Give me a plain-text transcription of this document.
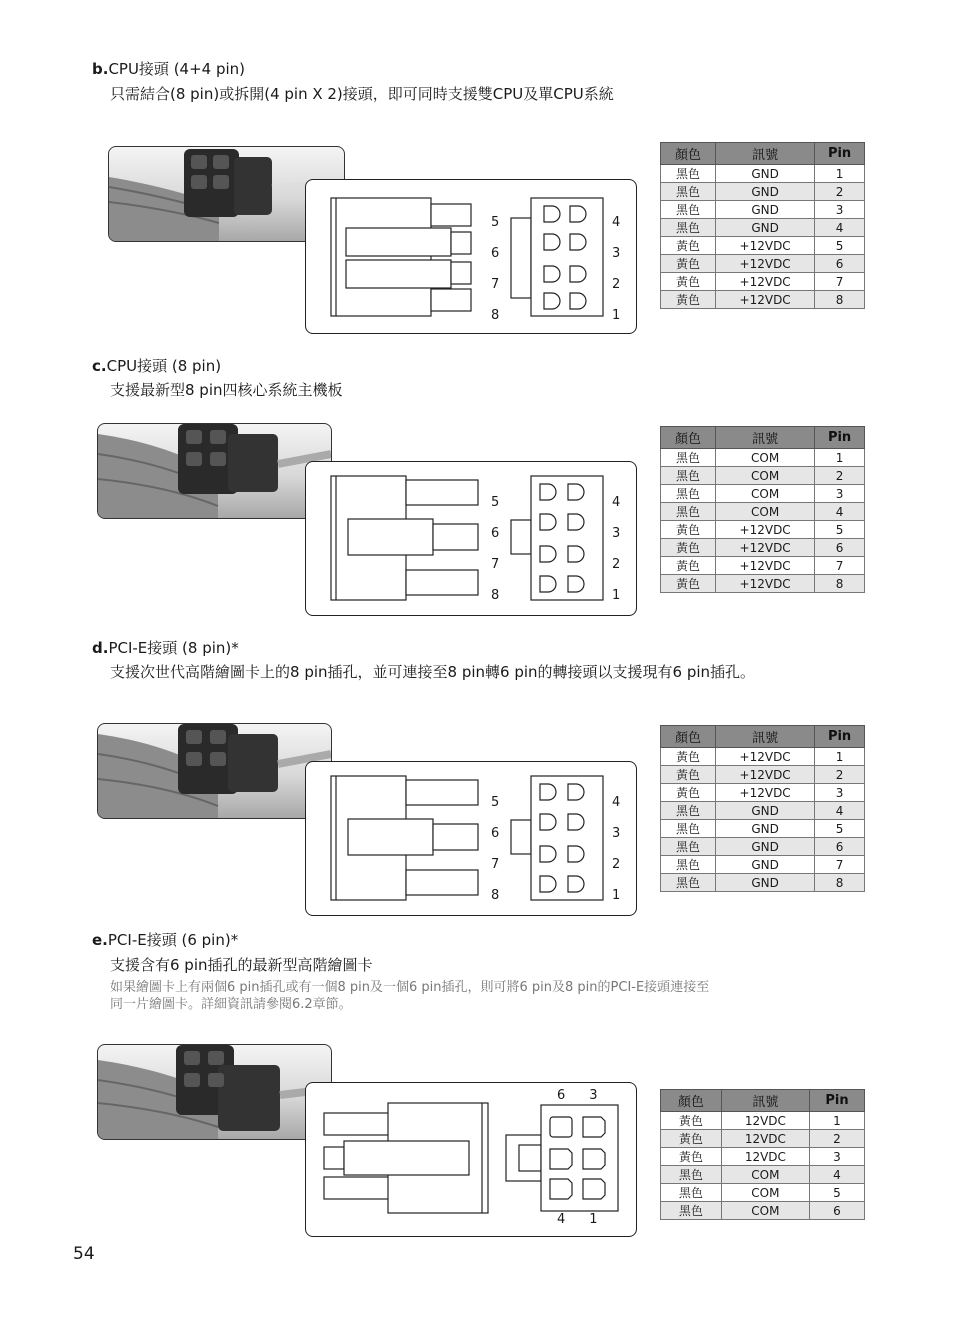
b.CPU接頭 (4+4 pin)
只需結合(8 pin)或拆開(4 pin X 2)接頭，即可同時支援雙CPU及單CPU系統
5
6
7
8
4
3
2
1
顏色	訊號	Pin
黑色	GND	1
黑色	GND	2
黑色	GND	3
黑色	GND	4
黃色	+12VDC	5
黃色	+12VDC	6
黃色	+12VDC	7
黃色	+12VDC	8
c.CPU接頭 (8 pin)
支援最新型8 pin四核心系統主機板
5
6
7
8
4
3
2
1
顏色	訊號	Pin
黑色	COM	1
黑色	COM	2
黑色	COM	3
黑色	COM	4
黃色	+12VDC	5
黃色	+12VDC	6
黃色	+12VDC	7
黃色	+12VDC	8
d.PCI-E接頭 (8 pin)*
支援次世代高階繪圖卡上的8 pin插孔，並可連接至8 pin轉6 pin的轉接頭以支援現有6 pin插孔。
5
6
7
8
4
3
2
1
顏色	訊號	Pin
黃色	+12VDC	1
黃色	+12VDC	2
黃色	+12VDC	3
黑色	GND	4
黑色	GND	5
黑色	GND	6
黑色	GND	7
黑色	GND	8
e.PCI-E接頭 (6 pin)*
支援含有6 pin插孔的最新型高階繪圖卡
如果繪圖卡上有兩個6 pin插孔或有一個8 pin及一個6 pin插孔，則可將6 pin及8 pin的PCI-E接頭連接至
同一片繪圖卡。詳細資訊請參閱6.2章節。
6 3
4 1
顏色	訊號	Pin
黃色	12VDC	1
黃色	12VDC	2
黃色	12VDC	3
黑色	COM	4
黑色	COM	5
黑色	COM	6
54
